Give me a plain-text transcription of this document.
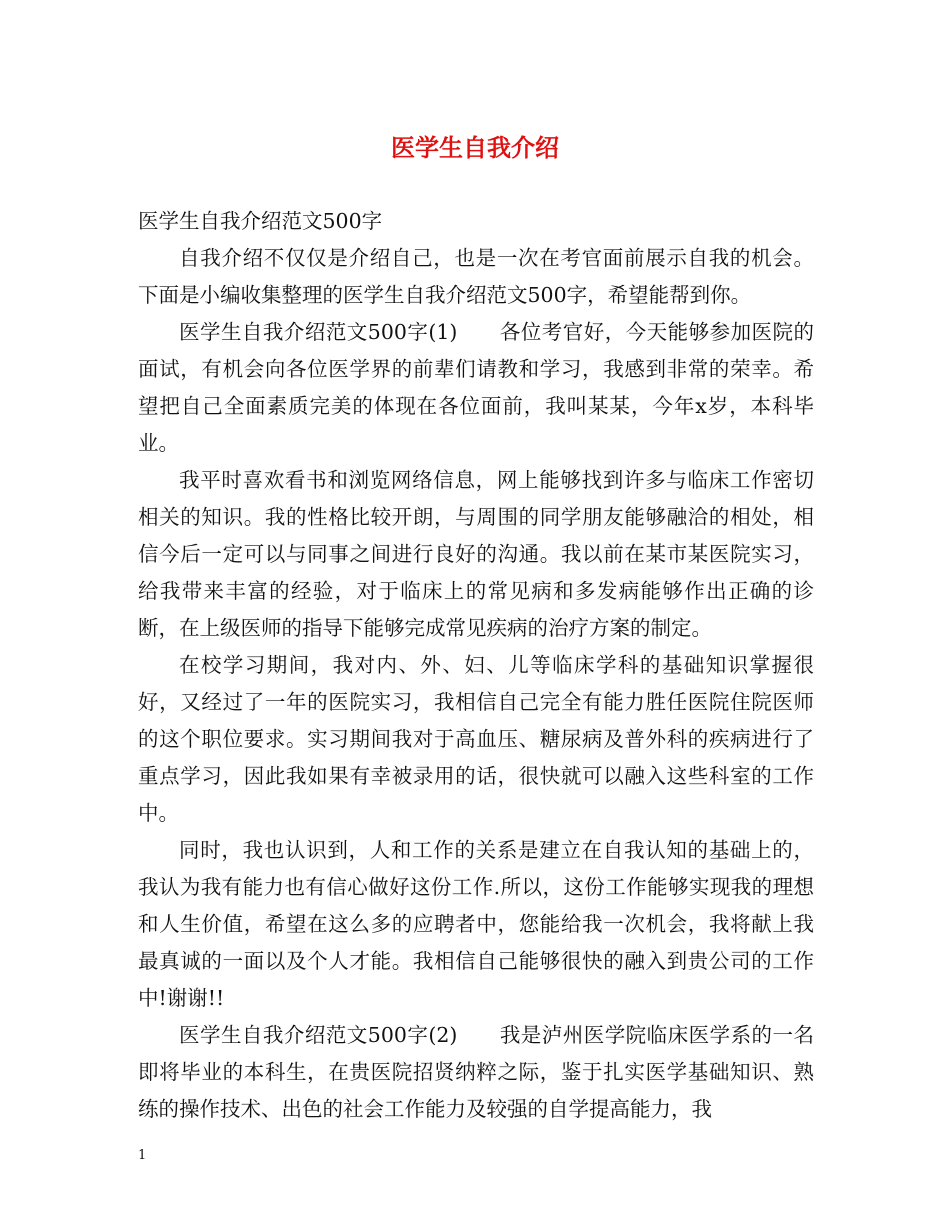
医学生自我介绍

医学生自我介绍范文500字

自我介绍不仅仅是介绍自己，也是一次在考官面前展示自我的机会。下面是小编收集整理的医学生自我介绍范文500字，希望能帮到你。

医学生自我介绍范文500字(1)　　各位考官好，今天能够参加医院的面试，有机会向各位医学界的前辈们请教和学习，我感到非常的荣幸。希望把自己全面素质完美的体现在各位面前，我叫某某，今年x岁，本科毕业。

我平时喜欢看书和浏览网络信息，网上能够找到许多与临床工作密切相关的知识。我的性格比较开朗，与周围的同学朋友能够融洽的相处，相信今后一定可以与同事之间进行良好的沟通。我以前在某市某医院实习，给我带来丰富的经验，对于临床上的常见病和多发病能够作出正确的诊断，在上级医师的指导下能够完成常见疾病的治疗方案的制定。

在校学习期间，我对内、外、妇、儿等临床学科的基础知识掌握很好，又经过了一年的医院实习，我相信自己完全有能力胜任医院住院医师的这个职位要求。实习期间我对于高血压、糖尿病及普外科的疾病进行了重点学习，因此我如果有幸被录用的话，很快就可以融入这些科室的工作中。

同时，我也认识到，人和工作的关系是建立在自我认知的基础上的，我认为我有能力也有信心做好这份工作.所以，这份工作能够实现我的理想和人生价值，希望在这么多的应聘者中，您能给我一次机会，我将献上我最真诚的一面以及个人才能。我相信自己能够很快的融入到贵公司的工作中!谢谢!!

医学生自我介绍范文500字(2)　　我是泸州医学院临床医学系的一名即将毕业的本科生，在贵医院招贤纳粹之际，鉴于扎实医学基础知识、熟练的操作技术、出色的社会工作能力及较强的自学提高能力，我

1
